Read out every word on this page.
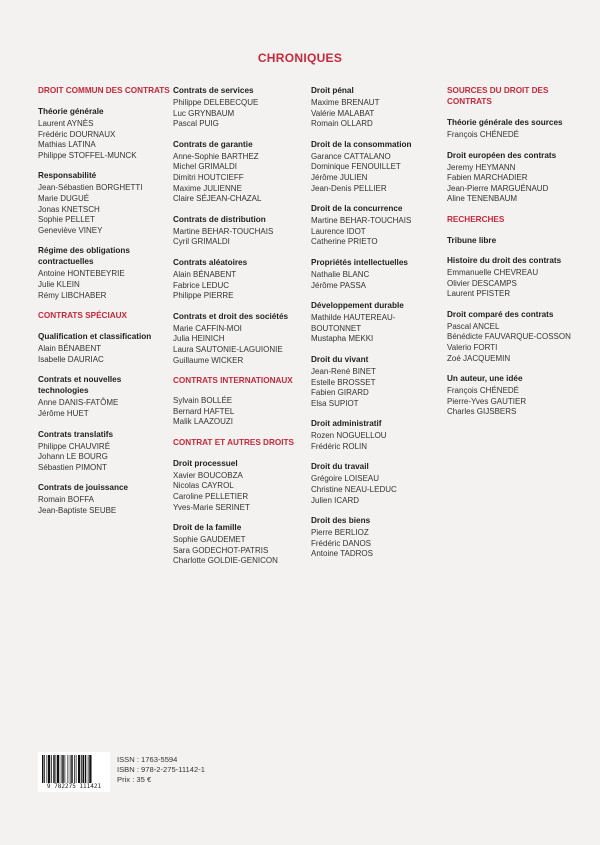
CHRONIQUES
DROIT COMMUN DES CONTRATS
Théorie générale
Laurent AYNÈS
Frédéric DOURNAUX
Mathias LATINA
Philippe STOFFEL-MUNCK
Responsabilité
Jean-Sébastien BORGHETTI
Marie DUGUÉ
Jonas KNETSCH
Sophie PELLET
Geneviève VINEY
Régime des obligations contractuelles
Antoine HONTEBEYRIE
Julie KLEIN
Rémy LIBCHABER
CONTRATS SPÉCIAUX
Qualification et classification
Alain BÉNABENT
Isabelle DAURIAC
Contrats et nouvelles technologies
Anne DANIS-FATÔME
Jérôme HUET
Contrats translatifs
Philippe CHAUVIRÉ
Johann LE BOURG
Sébastien PIMONT
Contrats de jouissance
Romain BOFFA
Jean-Baptiste SEUBE
Contrats de services
Philippe DELEBECQUE
Luc GRYNBAUM
Pascal PUIG
Contrats de garantie
Anne-Sophie BARTHEZ
Michel GRIMALDI
Dimitri HOUTCIEFF
Maxime JULIENNE
Claire SÉJEAN-CHAZAL
Contrats de distribution
Martine BEHAR-TOUCHAIS
Cyril GRIMALDI
Contrats aléatoires
Alain BÉNABENT
Fabrice LEDUC
Philippe PIERRE
Contrats et droit des sociétés
Marie CAFFIN-MOI
Julia HEINICH
Laura SAUTONIE-LAGUIONIE
Guillaume WICKER
CONTRATS INTERNATIONAUX
Sylvain BOLLÉE
Bernard HAFTEL
Malik LAAZOUZI
CONTRAT ET AUTRES DROITS
Droit processuel
Xavier BOUCOBZA
Nicolas CAYROL
Caroline PELLETIER
Yves-Marie SERINET
Droit de la famille
Sophie GAUDEMET
Sara GODECHOT-PATRIS
Charlotte GOLDIE-GENICON
Droit pénal
Maxime BRENAUT
Valérie MALABAT
Romain OLLARD
Droit de la consommation
Garance CATTALANO
Dominique FENOUILLET
Jérôme JULIEN
Jean-Denis PELLIER
Droit de la concurrence
Martine BEHAR-TOUCHAIS
Laurence IDOT
Catherine PRIETO
Propriétés intellectuelles
Nathalie BLANC
Jérôme PASSA
Développement durable
Mathilde HAUTEREAU-
BOUTONNET
Mustapha MEKKI
Droit du vivant
Jean-René BINET
Estelle BROSSET
Fabien GIRARD
Elsa SUPIOT
Droit administratif
Rozen NOGUELLOU
Frédéric ROLIN
Droit du travail
Grégoire LOISEAU
Christine NEAU-LEDUC
Julien ICARD
Droit des biens
Pierre BERLIOZ
Frédéric DANOS
Antoine TADROS
SOURCES DU DROIT DES CONTRATS
Théorie générale des sources
François CHÉNEDÉ
Droit européen des contrats
Jeremy HEYMANN
Fabien MARCHADIER
Jean-Pierre MARGUÉNAUD
Aline TENENBAUM
RECHERCHES
Tribune libre
Histoire du droit des contrats
Emmanuelle CHEVREAU
Olivier DESCAMPS
Laurent PFISTER
Droit comparé des contrats
Pascal ANCEL
Bénédicte FAUVARQUE-COSSON
Valerio FORTI
Zoé JACQUEMIN
Un auteur, une idée
François CHÉNEDÉ
Pierre-Yves GAUTIER
Charles GIJSBERS
9 782275 111421
ISSN : 1763-5594
ISBN : 978-2-275-11142-1
Prix : 35 €
